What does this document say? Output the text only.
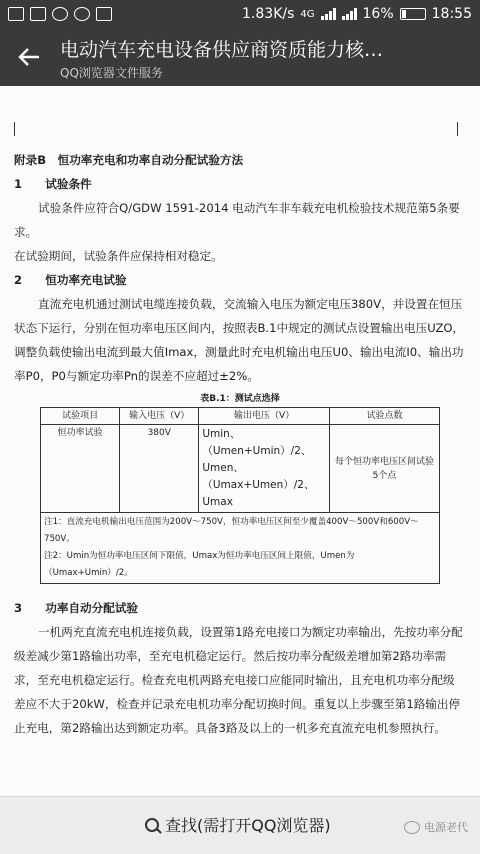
1.83K/s 4G	16%	18:55
电动汽车充电设备供应商资质能力核…
QQ浏览器文件服务
附录B　恒功率充电和功率自动分配试验方法
1　　试验条件
试验条件应符合Q/GDW 1591-2014 电动汽车非车载充电机检验技术规范第5条要求。
在试验期间，试验条件应保持相对稳定。
2　　恒功率充电试验
直流充电机通过测试电缆连接负载，交流输入电压为额定电压380V，并设置在恒压状态下运行，分别在恒功率电压区间内，按照表B.1中规定的测试点设置输出电压UZO，调整负载使输出电流到最大值Imax，测量此时充电机输出电压U0、输出电流I0、输出功率P0，P0与额定功率Pn的误差不应超过±2%。
表B.1：测试点选择
试验项目	输入电压（V）	输出电压（V）	试验点数
恒功率试验	380V	Umin、（Umen+Umin）/2、Umen、（Umax+Umen）/2、Umax	每个恒功率电压区间试验5个点

注1：直流充电机输出电压范围为200V～750V，恒功率电压区间至少覆盖400V～500V和600V～750V。
注2：Umin为恒功率电压区间下限值，Umax为恒功率电压区间上限值，Umen为（Umax+Umin）/2。			
3　　功率自动分配试验
一机两充直流充电机连接负载，设置第1路充电接口为额定功率输出，先按功率分配级差减少第1路输出功率，至充电机稳定运行。然后按功率分配级差增加第2路功率需求，至充电机稳定运行。检查充电机两路充电接口应能同时输出，且充电机功率分配级差应不大于20kW，检查并记录充电机功率分配切换时间。重复以上步骤至第1路输出停止充电，第2路输出达到额定功率。具备3路及以上的一机多充直流充电机参照执行。
查找(需打开QQ浏览器)	电源老代
